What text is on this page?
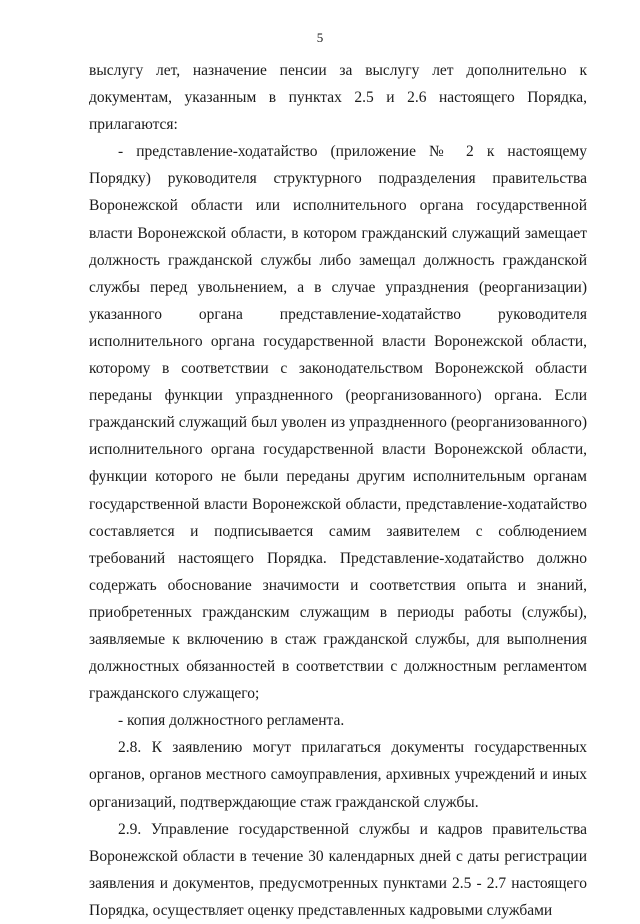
5

выслугу лет, назначение пенсии за выслугу лет дополнительно к документам, указанным в пунктах 2.5 и 2.6 настоящего Порядка, прилагаются:

- представление-ходатайство (приложение № 2 к настоящему Порядку) руководителя структурного подразделения правительства Воронежской области или исполнительного органа государственной власти Воронежской области, в котором гражданский служащий замещает должность гражданской службы либо замещал должность гражданской службы перед увольнением, а в случае упразднения (реорганизации) указанного органа представление-ходатайство руководителя исполнительного органа государственной власти Воронежской области, которому в соответствии с законодательством Воронежской области переданы функции упраздненного (реорганизованного) органа. Если гражданский служащий был уволен из упраздненного (реорганизованного) исполнительного органа государственной власти Воронежской области, функции которого не были переданы другим исполнительным органам государственной власти Воронежской области, представление-ходатайство составляется и подписывается самим заявителем с соблюдением требований настоящего Порядка. Представление-ходатайство должно содержать обоснование значимости и соответствия опыта и знаний, приобретенных гражданским служащим в периоды работы (службы), заявляемые к включению в стаж гражданской службы, для выполнения должностных обязанностей в соответствии с должностным регламентом гражданского служащего;

- копия должностного регламента.

2.8. К заявлению могут прилагаться документы государственных органов, органов местного самоуправления, архивных учреждений и иных организаций, подтверждающие стаж гражданской службы.

2.9. Управление государственной службы и кадров правительства Воронежской области в течение 30 календарных дней с даты регистрации заявления и документов, предусмотренных пунктами 2.5 - 2.7 настоящего Порядка, осуществляет оценку представленных кадровыми службами
